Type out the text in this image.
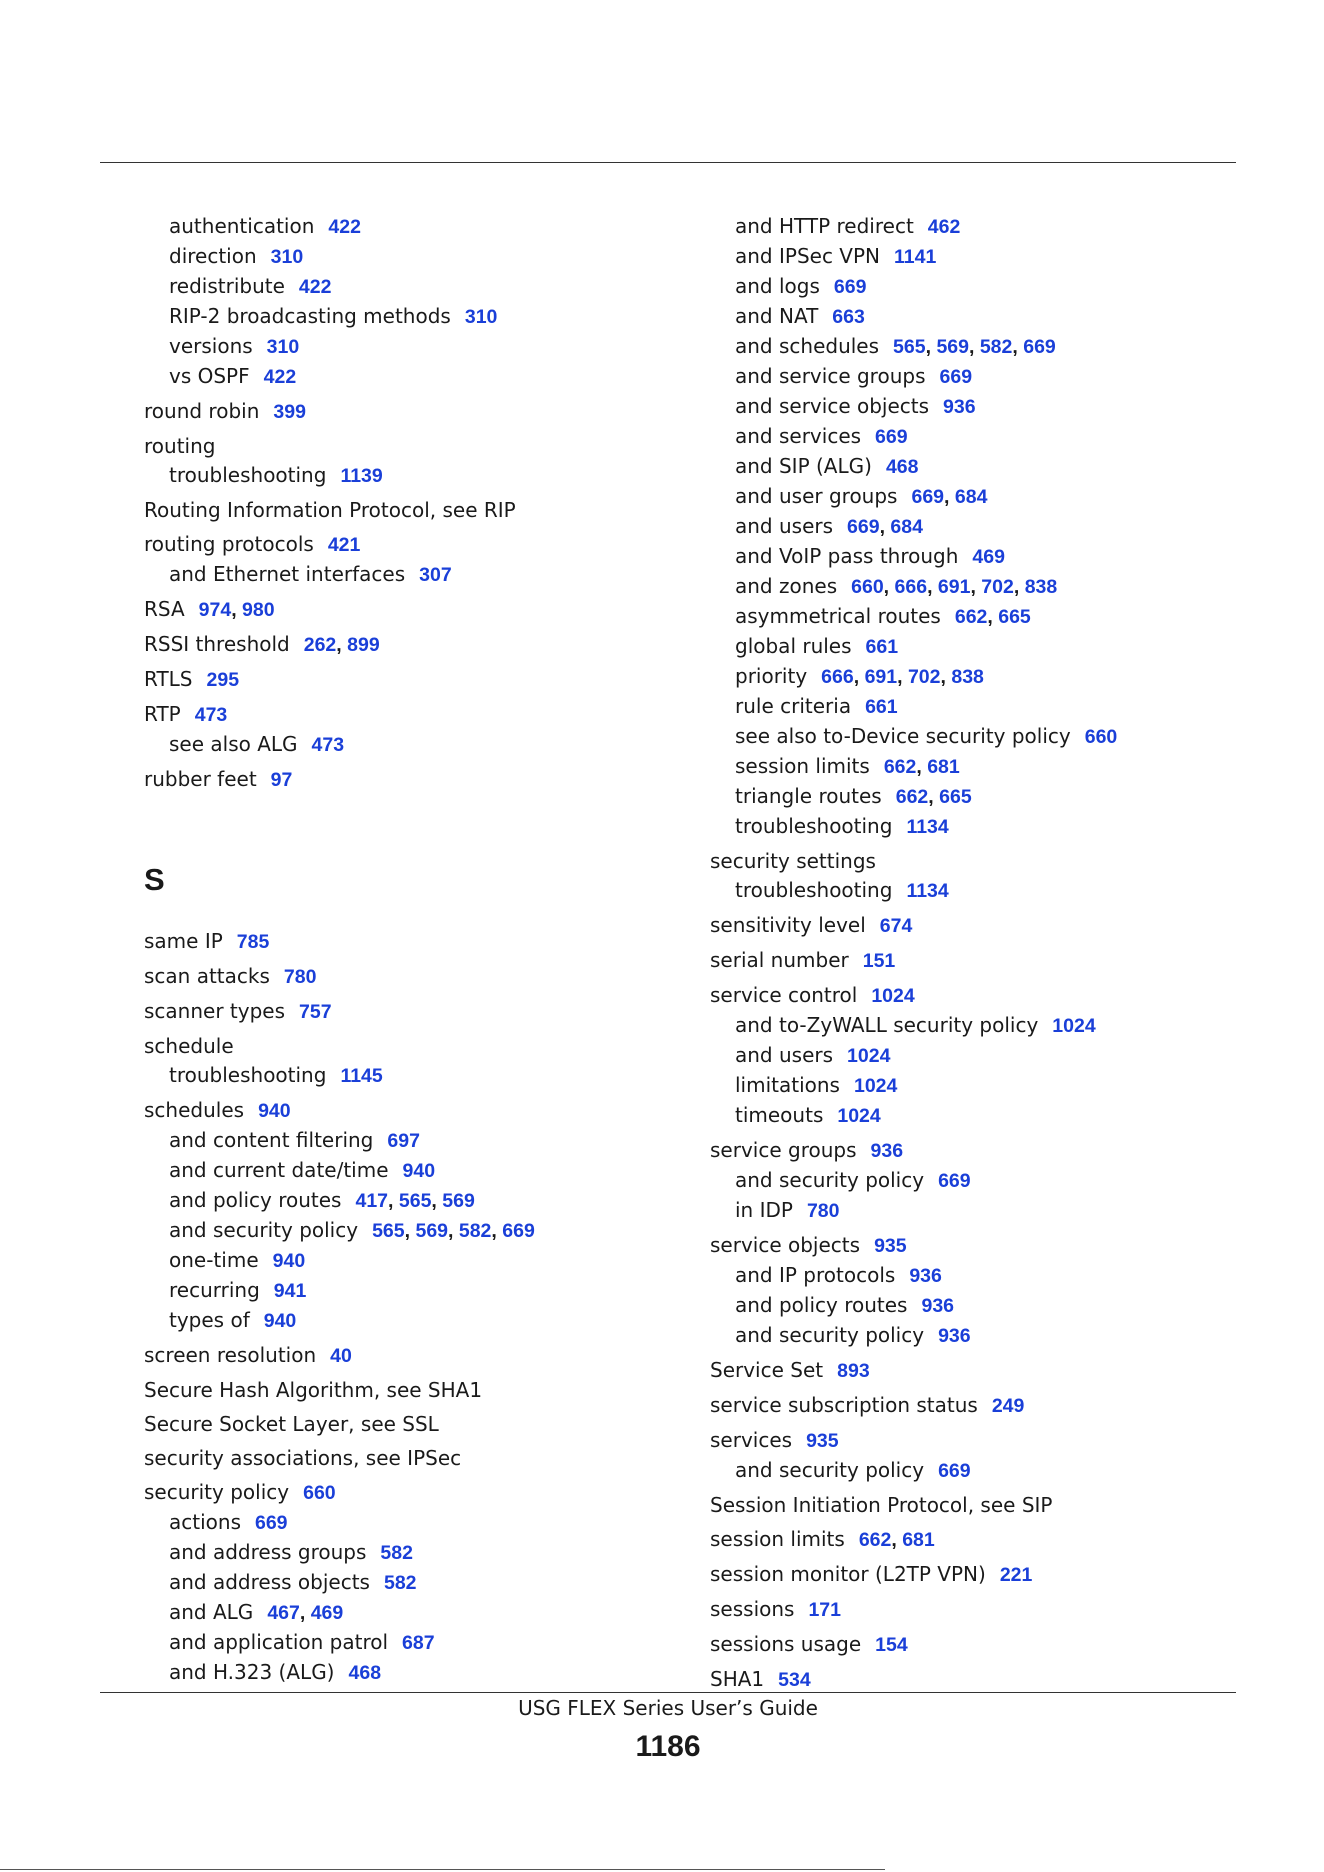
authentication 422
direction 310
redistribute 422
RIP-2 broadcasting methods 310
versions 310
vs OSPF 422
round robin 399
routing
troubleshooting 1139
Routing Information Protocol, see RIP
routing protocols 421
and Ethernet interfaces 307
RSA 974, 980
RSSI threshold 262, 899
RTLS 295
RTP 473
see also ALG 473
rubber feet 97
S
same IP 785
scan attacks 780
scanner types 757
schedule
troubleshooting 1145
schedules 940
and content filtering 697
and current date/time 940
and policy routes 417, 565, 569
and security policy 565, 569, 582, 669
one-time 940
recurring 941
types of 940
screen resolution 40
Secure Hash Algorithm, see SHA1
Secure Socket Layer, see SSL
security associations, see IPSec
security policy 660
actions 669
and address groups 582
and address objects 582
and ALG 467, 469
and application patrol 687
and H.323 (ALG) 468
and HTTP redirect 462
and IPSec VPN 1141
and logs 669
and NAT 663
and schedules 565, 569, 582, 669
and service groups 669
and service objects 936
and services 669
and SIP (ALG) 468
and user groups 669, 684
and users 669, 684
and VoIP pass through 469
and zones 660, 666, 691, 702, 838
asymmetrical routes 662, 665
global rules 661
priority 666, 691, 702, 838
rule criteria 661
see also to-Device security policy 660
session limits 662, 681
triangle routes 662, 665
troubleshooting 1134
security settings
troubleshooting 1134
sensitivity level 674
serial number 151
service control 1024
and to-ZyWALL security policy 1024
and users 1024
limitations 1024
timeouts 1024
service groups 936
and security policy 669
in IDP 780
service objects 935
and IP protocols 936
and policy routes 936
and security policy 936
Service Set 893
service subscription status 249
services 935
and security policy 669
Session Initiation Protocol, see SIP
session limits 662, 681
session monitor (L2TP VPN) 221
sessions 171
sessions usage 154
SHA1 534
USG FLEX Series User’s Guide
1186
